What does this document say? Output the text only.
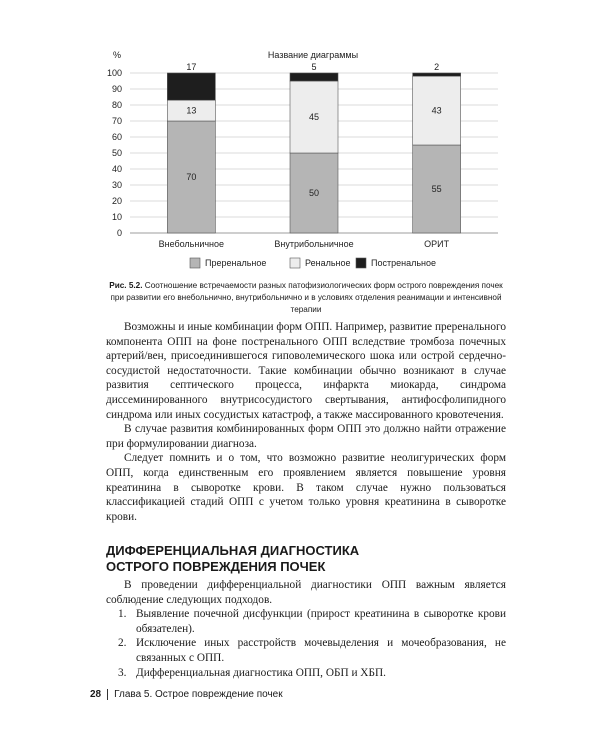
Название диаграммы
%
0
10
20
30
40
50
60
70
80
90
100
70
13
17
Внебольничное
50
45
5
Внутрибольничное
55
43
2
ОРИТ
Преренальное	Ренальное Постренальное
Рис. 5.2. Соотношение встречаемости разных патофизиологических форм острого повреждения почек при развитии его внебольнично, внутрибольнично и в условиях отделения реанимации и интенсивной терапии

Возможны и иные комбинации форм ОПП. Например, развитие преренального компонента ОПП на фоне постренального ОПП вследствие тромбоза почечных артерий/вен, присоединившегося гиповолемического шока или острой сердечно-сосудистой недостаточности. Такие комбинации обычно возникают в случае развития септического процесса, инфаркта миокарда, синдрома диссеминированного внутрисосудистого свертывания, антифосфолипидного синдрома или иных сосудистых катастроф, а также массированного кровотечения.

В случае развития комбинированных форм ОПП это должно найти отражение при формулировании диагноза.

Следует помнить и о том, что возможно развитие неолигурических форм ОПП, когда единственным его проявлением является повышение уровня креатинина в сыворотке крови. В таком случае нужно пользоваться классификацией стадий ОПП с учетом только уровня креатинина в сыворотке крови.

ДИФФЕРЕНЦИАЛЬНАЯ ДИАГНОСТИКА
ОСТРОГО ПОВРЕЖДЕНИЯ ПОЧЕК

В проведении дифференциальной диагностики ОПП важным является соблюдение следующих подходов.

1. Выявление почечной дисфункции (прирост креатинина в сыворотке крови обязателен).
2. Исключение иных расстройств мочевыделения и мочеобразования, не связанных с ОПП.
3. Дифференциальная диагностика ОПП, ОБП и ХБП.
28	Глава 5. Острое повреждение почек
